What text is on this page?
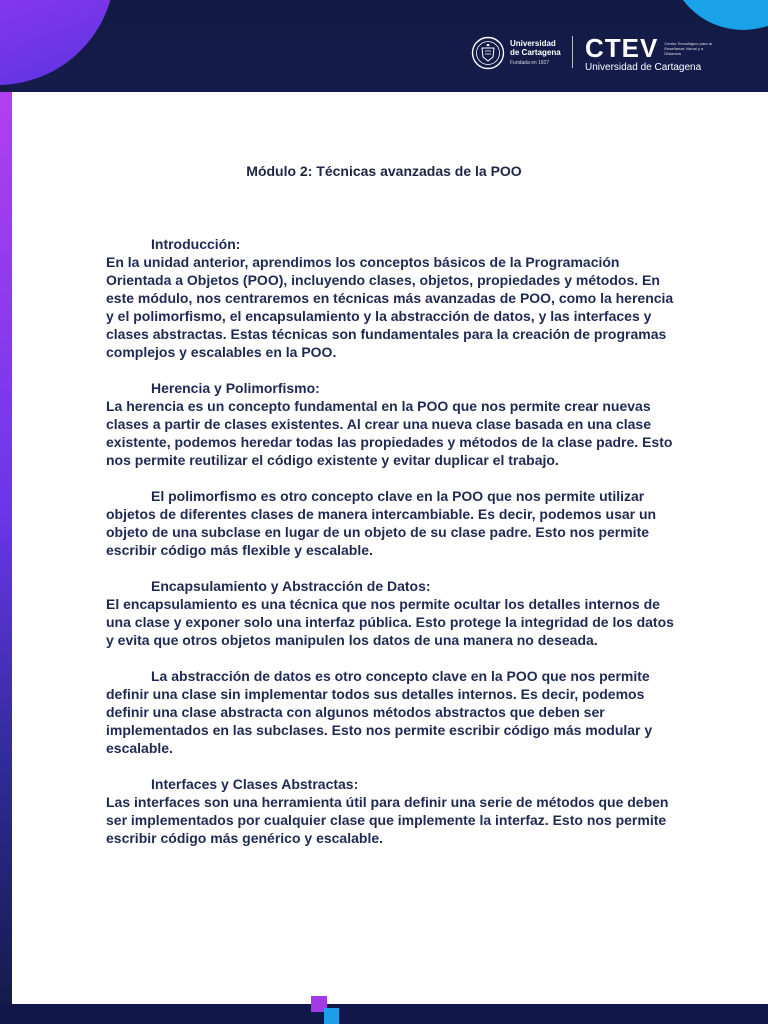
Universidad
de Cartagena
Fundada en 1827	CTEV Centro Tecnológico para la Enseñanza Virtual y a Distancia
Universidad de Cartagena
Módulo 2: Técnicas avanzadas de la POO

Introducción:

En la unidad anterior, aprendimos los conceptos básicos de la Programación Orientada a Objetos (POO), incluyendo clases, objetos, propiedades y métodos. En este módulo, nos centraremos en técnicas más avanzadas de POO, como la herencia y el polimorfismo, el encapsulamiento y la abstracción de datos, y las interfaces y clases abstractas. Estas técnicas son fundamentales para la creación de programas complejos y escalables en la POO.

Herencia y Polimorfismo:

La herencia es un concepto fundamental en la POO que nos permite crear nuevas clases a partir de clases existentes. Al crear una nueva clase basada en una clase existente, podemos heredar todas las propiedades y métodos de la clase padre. Esto nos permite reutilizar el código existente y evitar duplicar el trabajo.

El polimorfismo es otro concepto clave en la POO que nos permite utilizar objetos de diferentes clases de manera intercambiable. Es decir, podemos usar un objeto de una subclase en lugar de un objeto de su clase padre. Esto nos permite escribir código más flexible y escalable.

Encapsulamiento y Abstracción de Datos:

El encapsulamiento es una técnica que nos permite ocultar los detalles internos de una clase y exponer solo una interfaz pública. Esto protege la integridad de los datos y evita que otros objetos manipulen los datos de una manera no deseada.

La abstracción de datos es otro concepto clave en la POO que nos permite definir una clase sin implementar todos sus detalles internos. Es decir, podemos definir una clase abstracta con algunos métodos abstractos que deben ser implementados en las subclases. Esto nos permite escribir código más modular y escalable.

Interfaces y Clases Abstractas:

Las interfaces son una herramienta útil para definir una serie de métodos que deben ser implementados por cualquier clase que implemente la interfaz. Esto nos permite escribir código más genérico y escalable.
